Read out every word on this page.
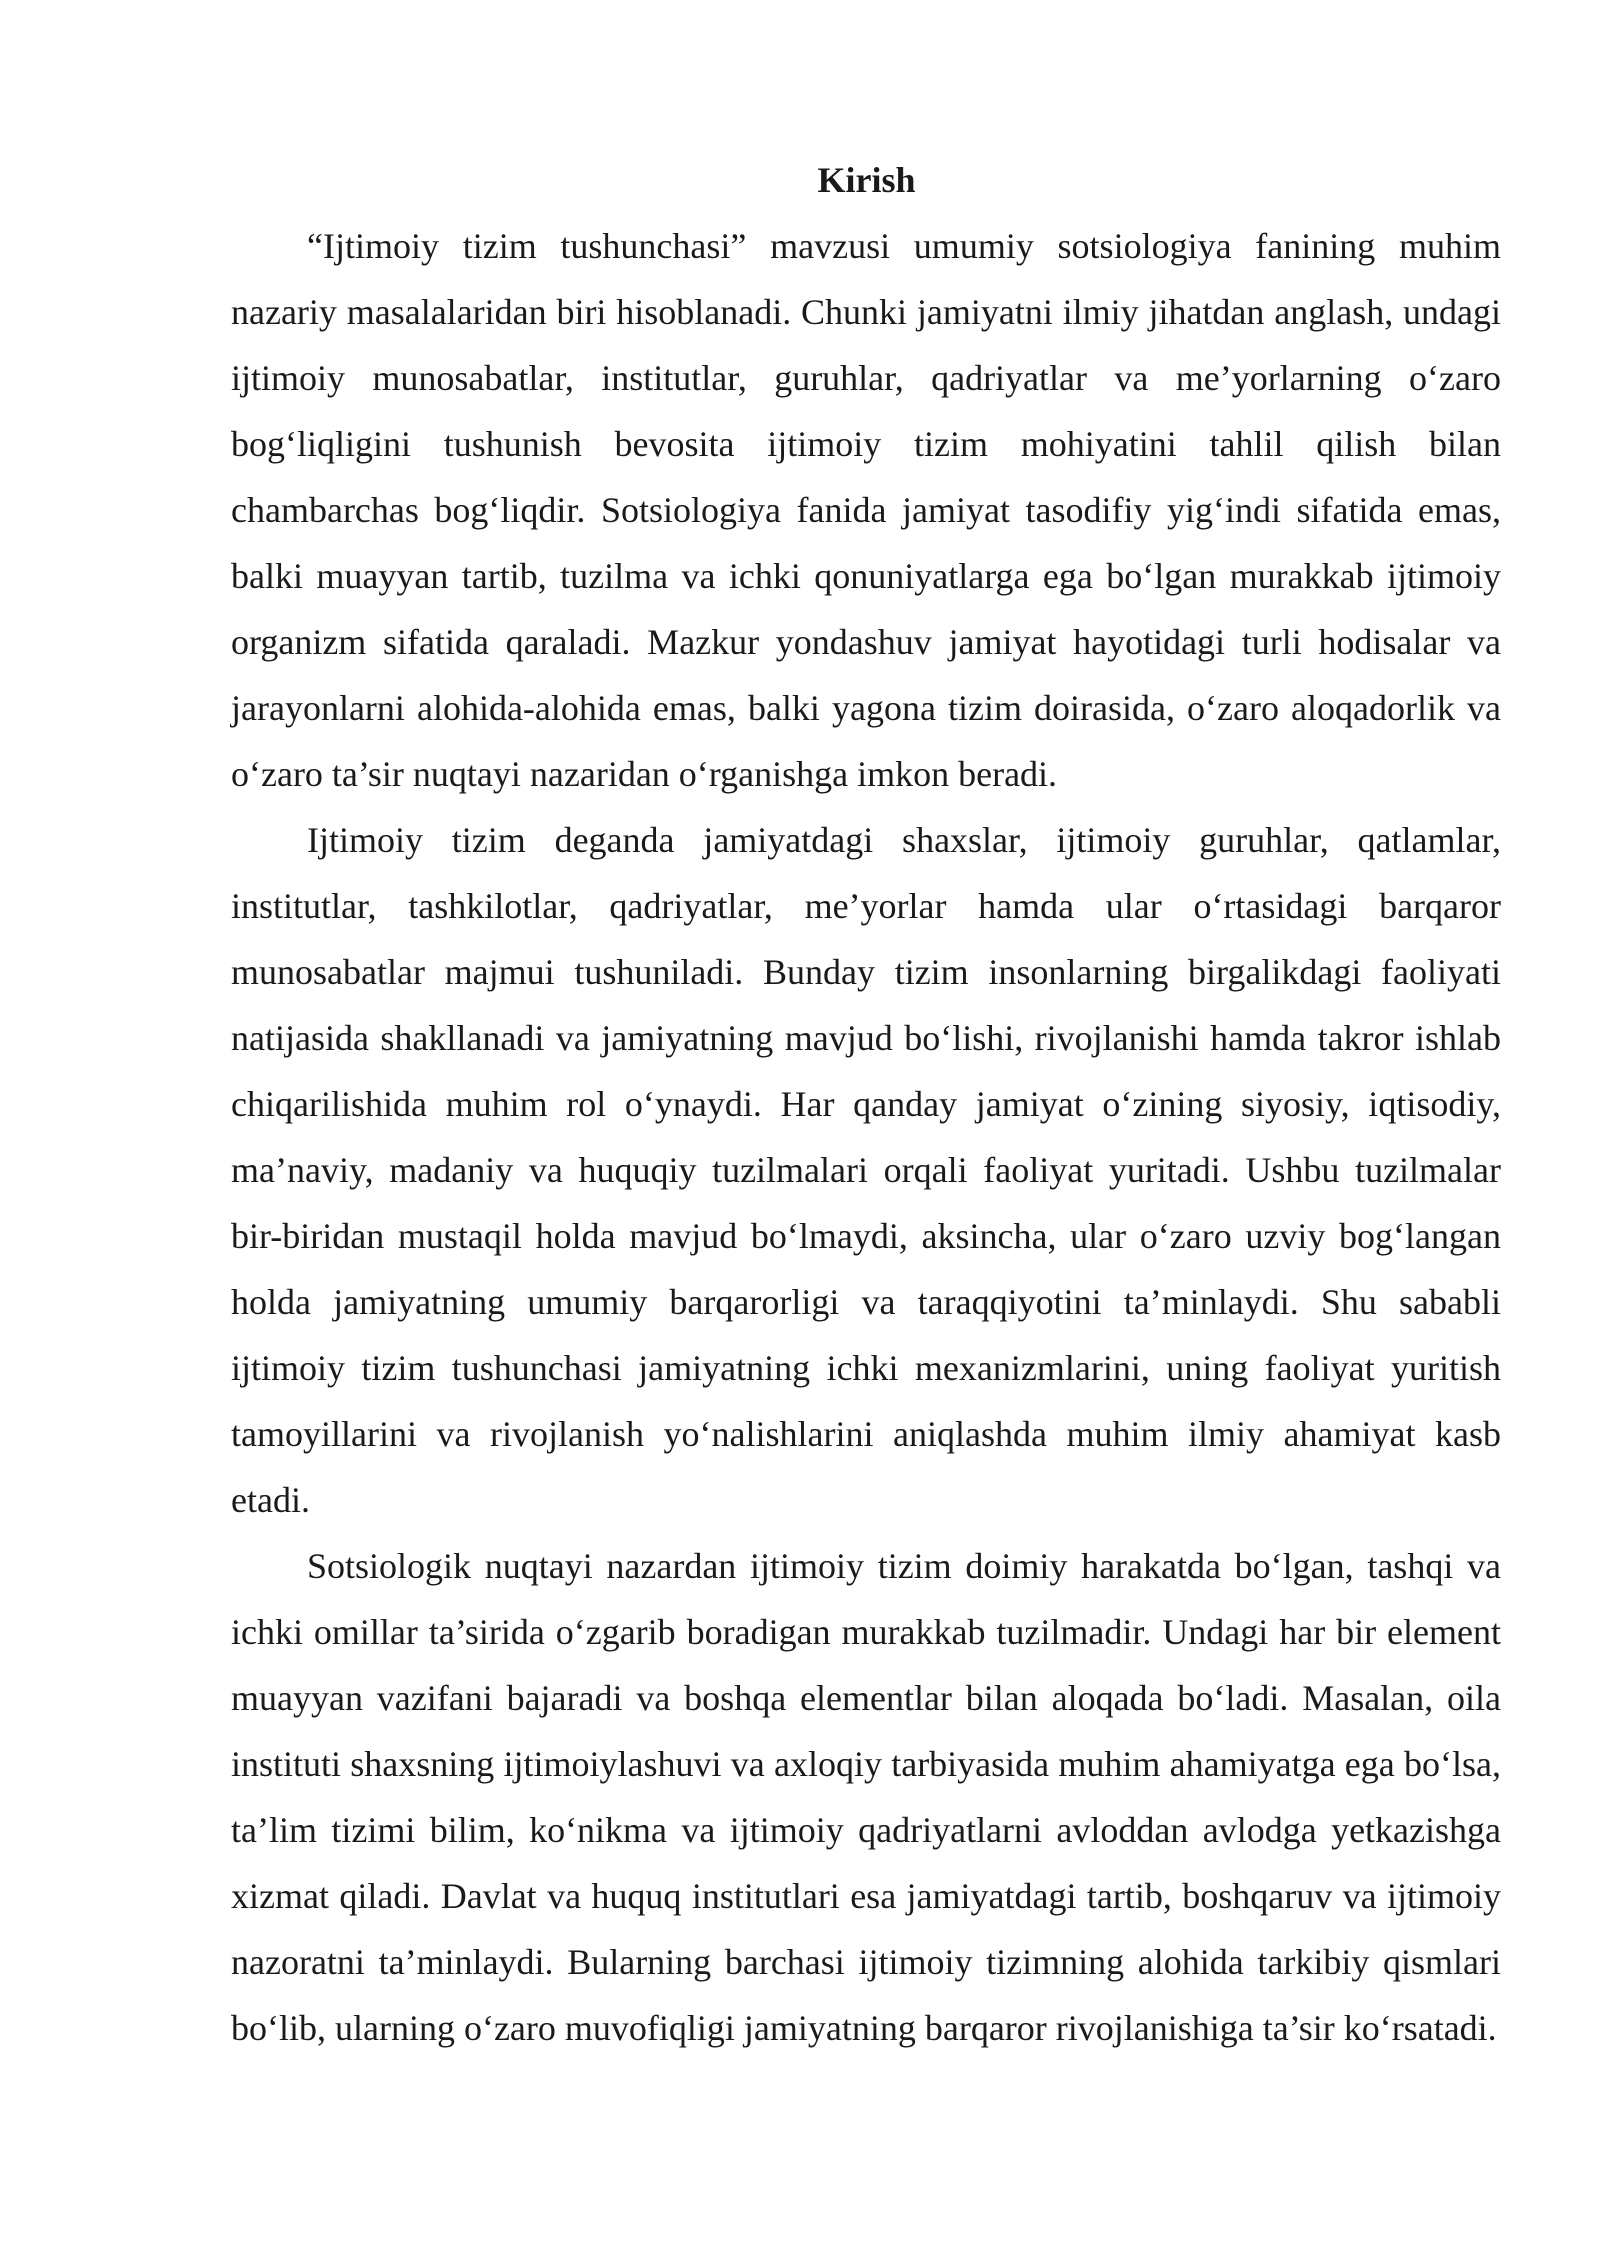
Kirish

“Ijtimoiy tizim tushunchasi” mavzusi umumiy sotsiologiya fanining muhim nazariy masalalaridan biri hisoblanadi. Chunki jamiyatni ilmiy jihatdan anglash, undagi ijtimoiy munosabatlar, institutlar, guruhlar, qadriyatlar va me’yorlarning o‘zaro bog‘liqligini tushunish bevosita ijtimoiy tizim mohiyatini tahlil qilish bilan chambarchas bog‘liqdir. Sotsiologiya fanida jamiyat tasodifiy yig‘indi sifatida emas, balki muayyan tartib, tuzilma va ichki qonuniyatlarga ega bo‘lgan murakkab ijtimoiy organizm sifatida qaraladi. Mazkur yondashuv jamiyat hayotidagi turli hodisalar va jarayonlarni alohida-alohida emas, balki yagona tizim doirasida, o‘zaro aloqadorlik va o‘zaro ta’sir nuqtayi nazaridan o‘rganishga imkon beradi.

Ijtimoiy tizim deganda jamiyatdagi shaxslar, ijtimoiy guruhlar, qatlamlar, institutlar, tashkilotlar, qadriyatlar, me’yorlar hamda ular o‘rtasidagi barqaror munosabatlar majmui tushuniladi. Bunday tizim insonlarning birgalikdagi faoliyati natijasida shakllanadi va jamiyatning mavjud bo‘lishi, rivojlanishi hamda takror ishlab chiqarilishida muhim rol o‘ynaydi. Har qanday jamiyat o‘zining siyosiy, iqtisodiy, ma’naviy, madaniy va huquqiy tuzilmalari orqali faoliyat yuritadi. Ushbu tuzilmalar bir-biridan mustaqil holda mavjud bo‘lmaydi, aksincha, ular o‘zaro uzviy bog‘langan holda jamiyatning umumiy barqarorligi va taraqqiyotini ta’minlaydi. Shu sababli ijtimoiy tizim tushunchasi jamiyatning ichki mexanizmlarini, uning faoliyat yuritish tamoyillarini va rivojlanish yo‘nalishlarini aniqlashda muhim ilmiy ahamiyat kasb etadi.

Sotsiologik nuqtayi nazardan ijtimoiy tizim doimiy harakatda bo‘lgan, tashqi va ichki omillar ta’sirida o‘zgarib boradigan murakkab tuzilmadir. Undagi har bir element muayyan vazifani bajaradi va boshqa elementlar bilan aloqada bo‘ladi. Masalan, oila instituti shaxsning ijtimoiylashuvi va axloqiy tarbiyasida muhim ahamiyatga ega bo‘lsa, ta’lim tizimi bilim, ko‘nikma va ijtimoiy qadriyatlarni avloddan avlodga yetkazishga xizmat qiladi. Davlat va huquq institutlari esa jamiyatdagi tartib, boshqaruv va ijtimoiy nazoratni ta’minlaydi. Bularning barchasi ijtimoiy tizimning alohida tarkibiy qismlari bo‘lib, ularning o‘zaro muvofiqligi jamiyatning barqaror rivojlanishiga ta’sir ko‘rsatadi.
